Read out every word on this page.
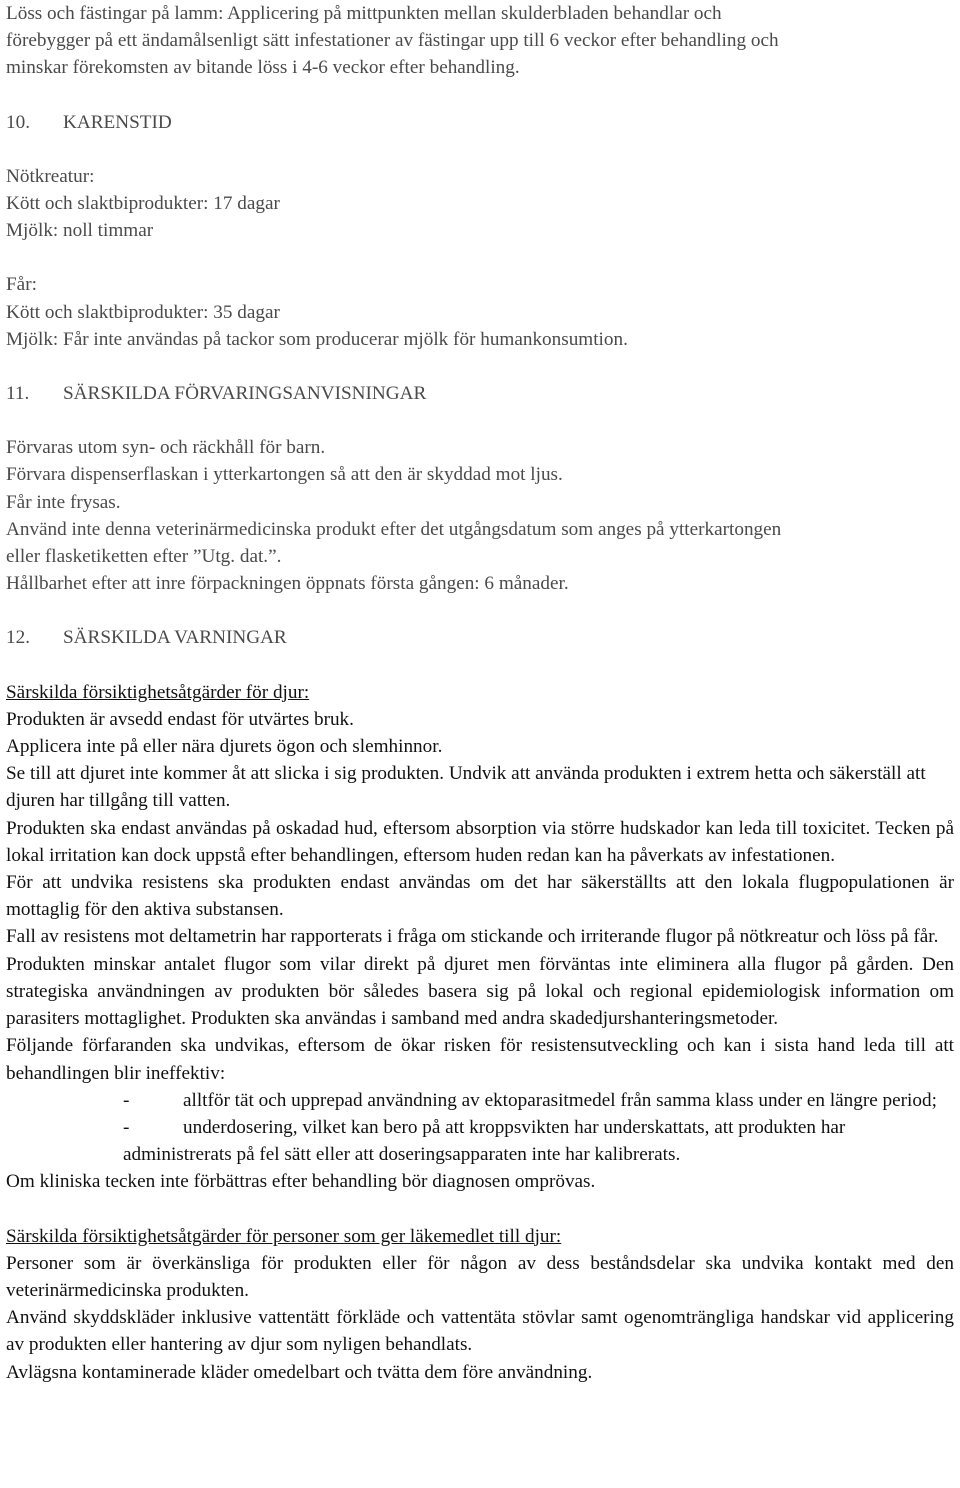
Löss och fästingar på lamm: Applicering på mittpunkten mellan skulderbladen behandlar och

förebygger på ett ändamålsenligt sätt infestationer av fästingar upp till 6 veckor efter behandling och

minskar förekomsten av bitande löss i 4-6 veckor efter behandling.

10. KARENSTID

Nötkreatur:

Kött och slaktbiprodukter: 17 dagar

Mjölk: noll timmar

Får:

Kött och slaktbiprodukter: 35 dagar

Mjölk: Får inte användas på tackor som producerar mjölk för humankonsumtion.

11. SÄRSKILDA FÖRVARINGSANVISNINGAR

Förvaras utom syn- och räckhåll för barn.

Förvara dispenserflaskan i ytterkartongen så att den är skyddad mot ljus.

Får inte frysas.

Använd inte denna veterinärmedicinska produkt efter det utgångsdatum som anges på ytterkartongen

eller flasketiketten efter ”Utg. dat.”.

Hållbarhet efter att inre förpackningen öppnats första gången: 6 månader.

12. SÄRSKILDA VARNINGAR

Särskilda försiktighetsåtgärder för djur:

Produkten är avsedd endast för utvärtes bruk.

Applicera inte på eller nära djurets ögon och slemhinnor.

Se till att djuret inte kommer åt att slicka i sig produkten. Undvik att använda produkten i extrem hetta och säkerställ att djuren har tillgång till vatten.

Produkten ska endast användas på oskadad hud, eftersom absorption via större hudskador kan leda till toxicitet. Tecken på lokal irritation kan dock uppstå efter behandlingen, eftersom huden redan kan ha påverkats av infestationen.

För att undvika resistens ska produkten endast användas om det har säkerställts att den lokala flugpopulationen är mottaglig för den aktiva substansen.

Fall av resistens mot deltametrin har rapporterats i fråga om stickande och irriterande flugor på nötkreatur och löss på får.

Produkten minskar antalet flugor som vilar direkt på djuret men förväntas inte eliminera alla flugor på gården. Den strategiska användningen av produkten bör således basera sig på lokal och regional epidemiologisk information om parasiters mottaglighet. Produkten ska användas i samband med andra skadedjurshanteringsmetoder.

Följande förfaranden ska undvikas, eftersom de ökar risken för resistensutveckling och kan i sista hand leda till att behandlingen blir ineffektiv:

-	alltför tät och upprepad användning av ektoparasitmedel från samma klass under en längre period;
-	underdosering, vilket kan bero på att kroppsvikten har underskattats, att produkten har administrerats på fel sätt eller att doseringsapparaten inte har kalibrerats.

Om kliniska tecken inte förbättras efter behandling bör diagnosen omprövas.

Särskilda försiktighetsåtgärder för personer som ger läkemedlet till djur:

Personer som är överkänsliga för produkten eller för någon av dess beståndsdelar ska undvika kontakt med den veterinärmedicinska produkten.

Använd skyddskläder inklusive vattentätt förkläde och vattentäta stövlar samt ogenomträngliga handskar vid applicering av produkten eller hantering av djur som nyligen behandlats.

Avlägsna kontaminerade kläder omedelbart och tvätta dem före användning.
